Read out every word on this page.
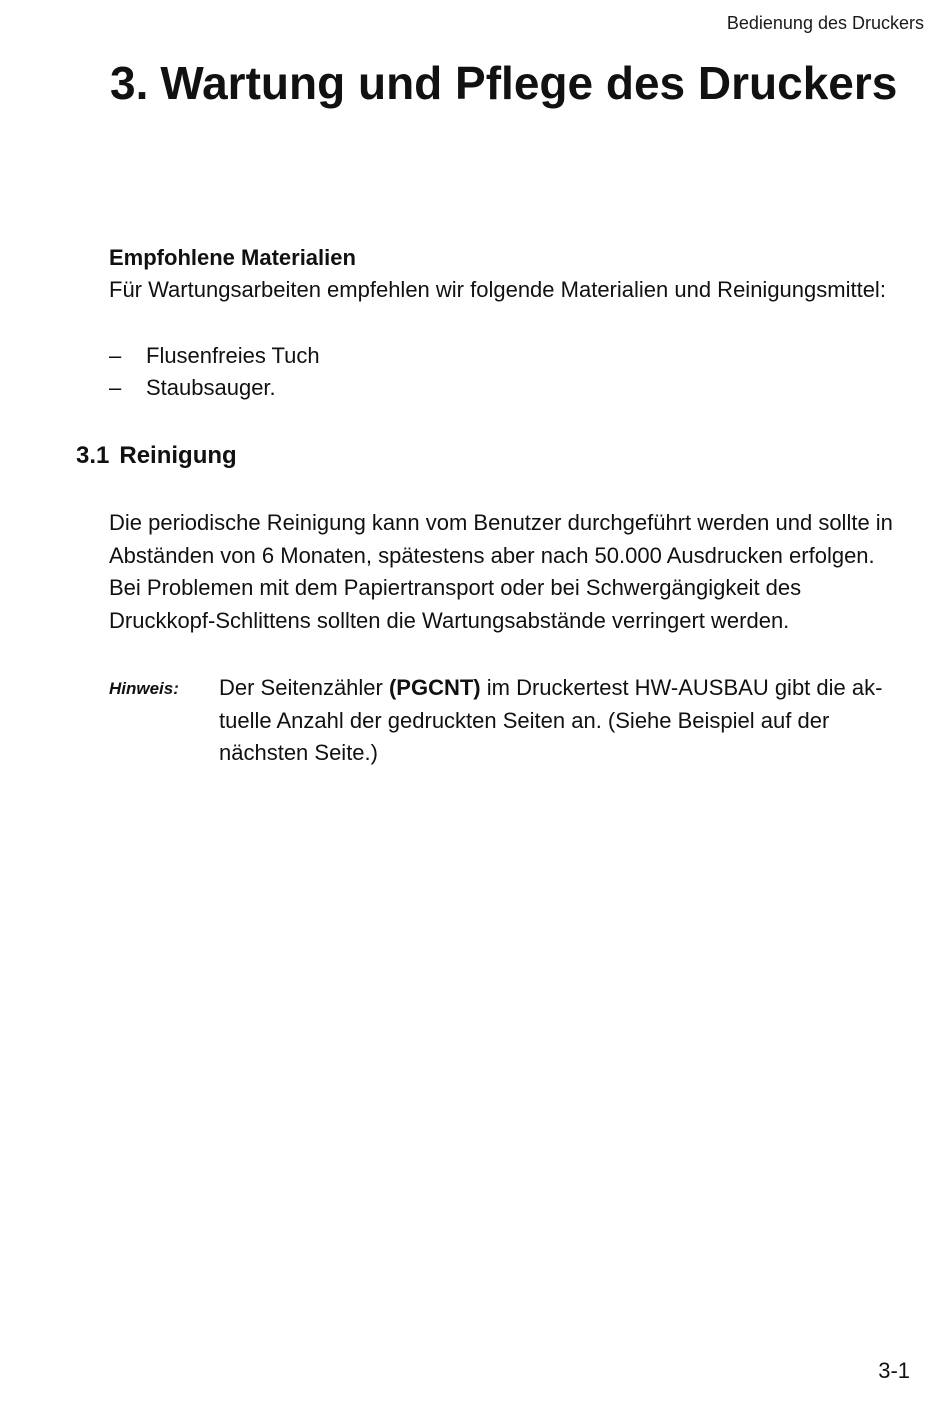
Bedienung des Druckers
3. Wartung und Pflege des Druckers

Empfohlene Materialien

Für Wartungsarbeiten empfehlen wir folgende Materialien und Reinigungsmittel:

– Flusenfreies Tuch
– Staubsauger.
3.1 Reinigung
Die periodische Reinigung kann vom Benutzer durchgeführt werden und sollte in
Abständen von 6 Monaten, spätestens aber nach 50.000 Ausdrucken erfolgen.
Bei Problemen mit dem Papiertransport oder bei Schwergängigkeit des
Druckkopf-Schlittens sollten die Wartungsabstände verringert werden.
Hinweis: Der Seitenzähler (PGCNT) im Druckertest HW-AUSBAU gibt die ak-
tuelle Anzahl der gedruckten Seiten an. (Siehe Beispiel auf der
nächsten Seite.)
3-1
